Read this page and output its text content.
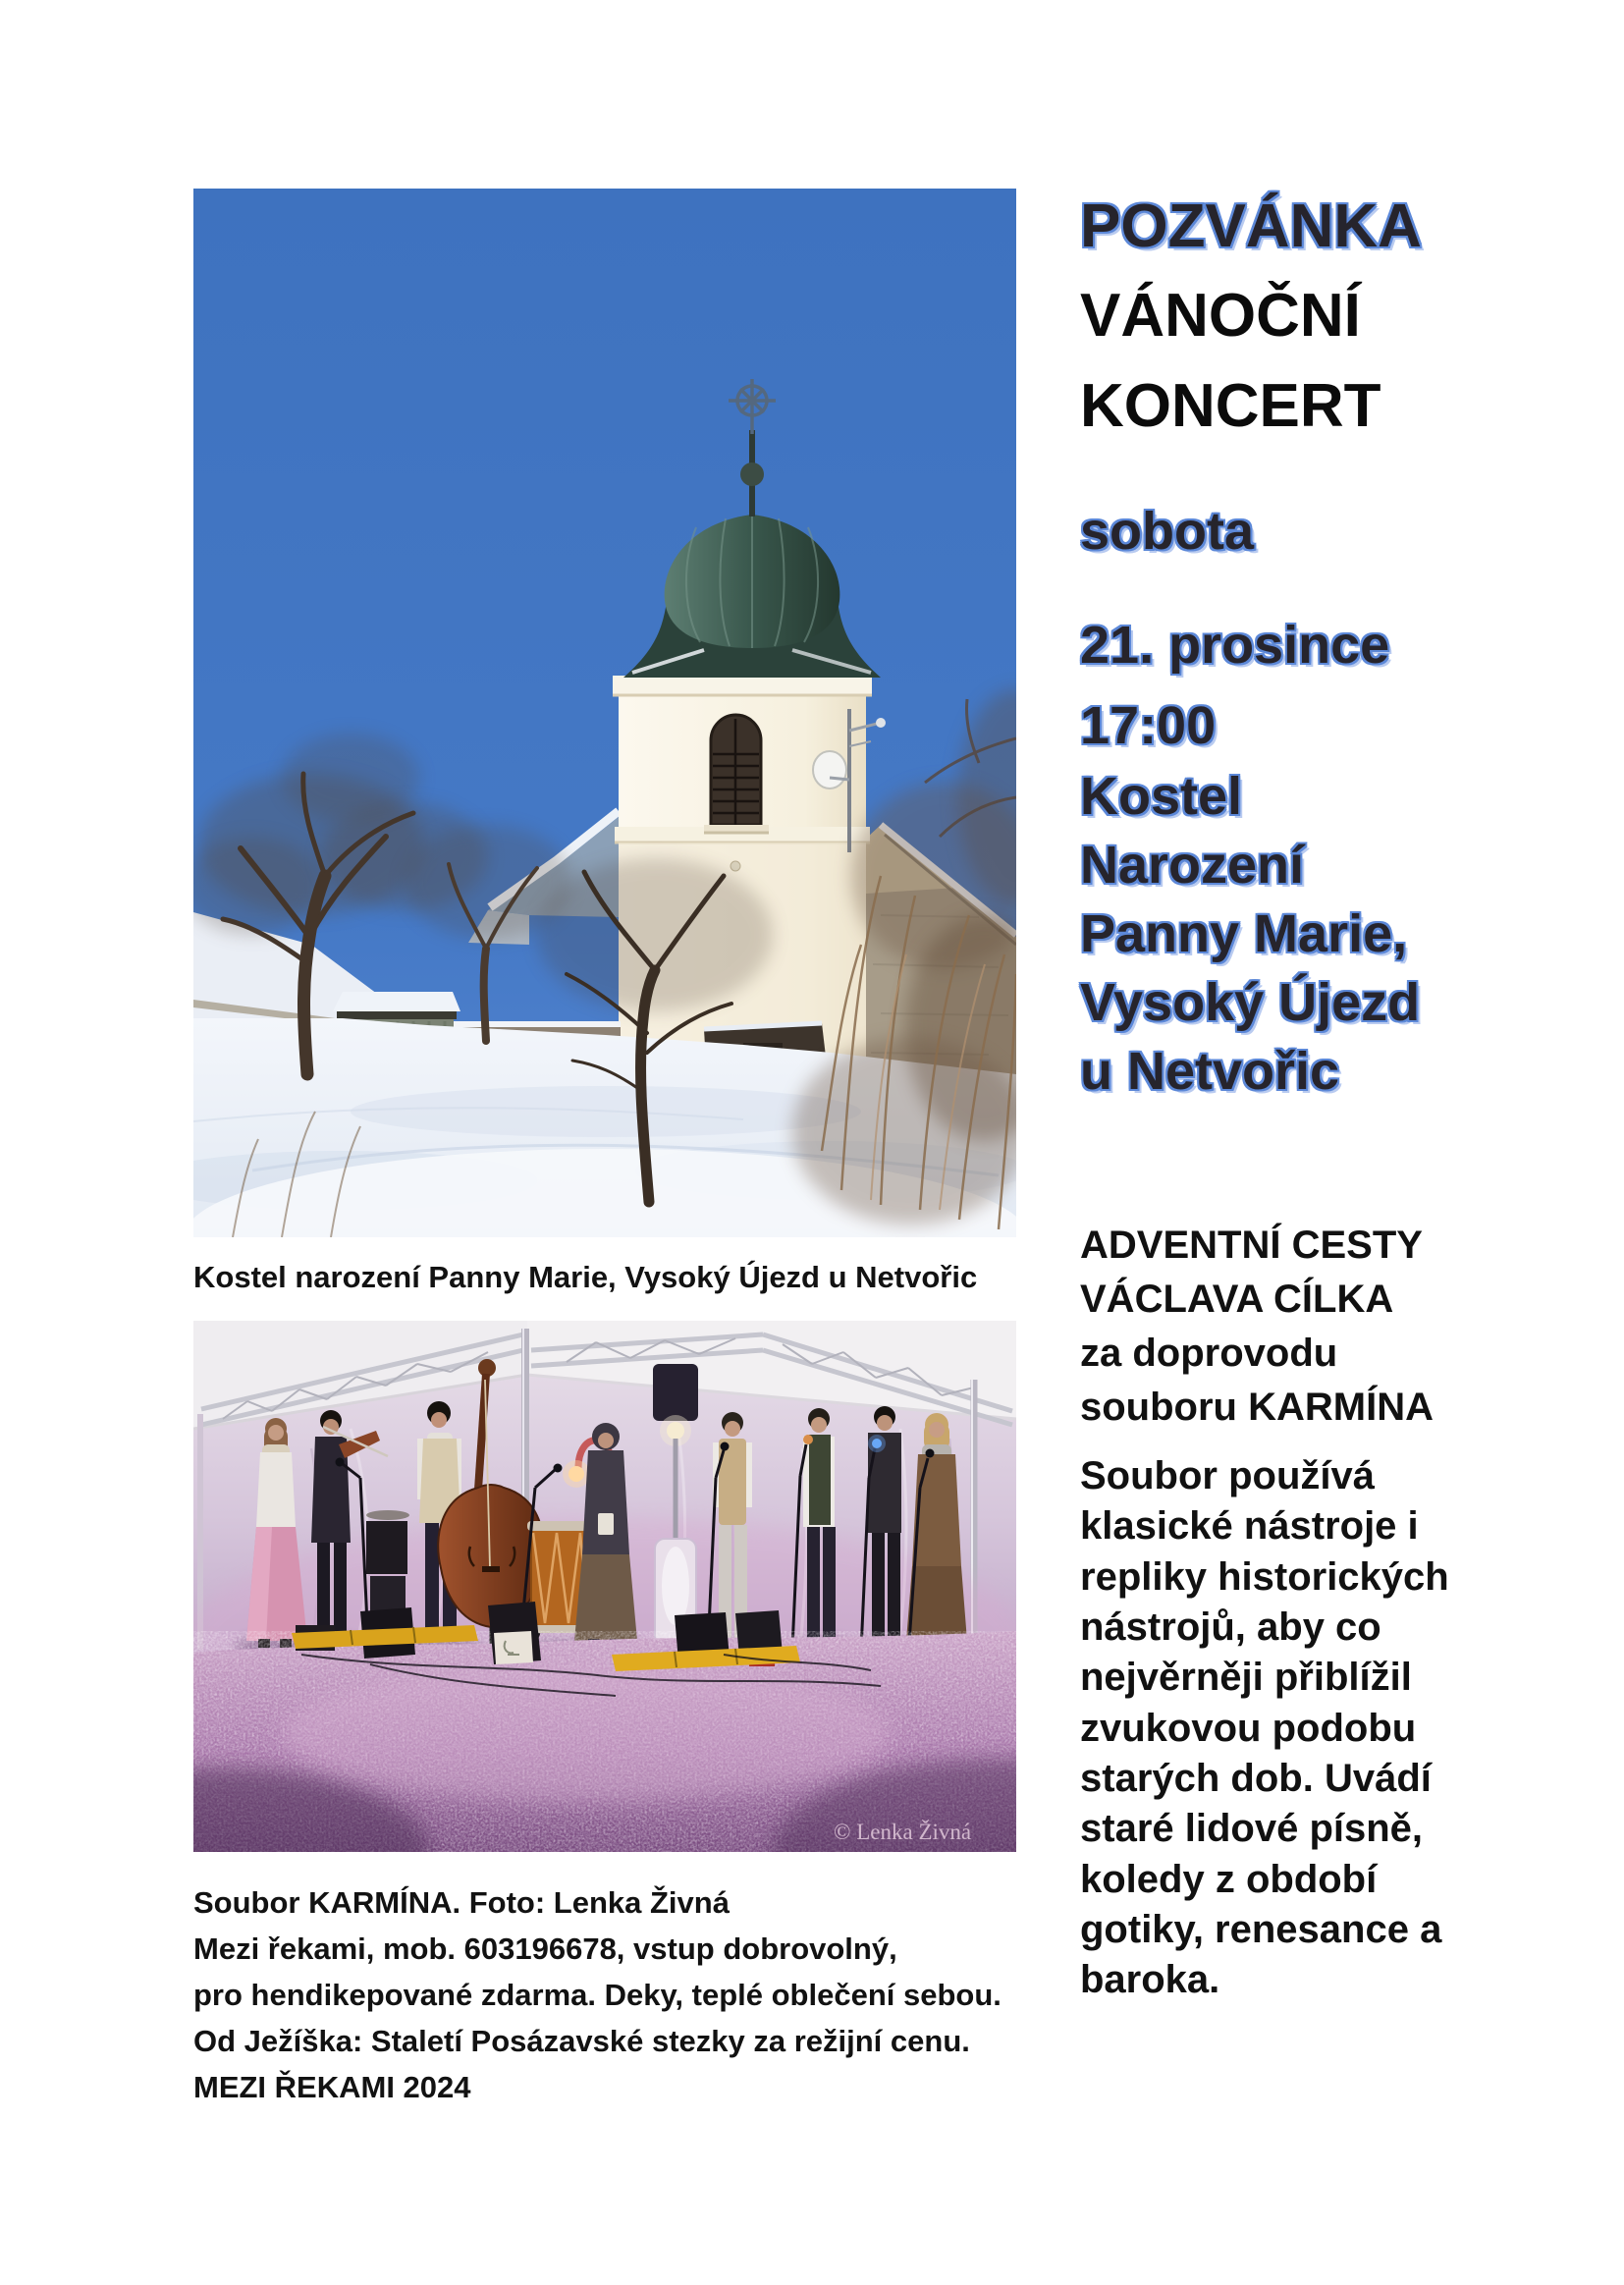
Kostel narození Panny Marie, Vysoký Újezd u Netvořic
© Lenka Živná
Soubor KARMÍNA. Foto: Lenka Živná
Mezi řekami, mob. 603196678, vstup dobrovolný,
pro hendikepované zdarma. Deky, teplé oblečení sebou.
Od Ježíška: Staletí Posázavské stezky za režijní cenu.
MEZI ŘEKAMI 2024
POZVÁNKA
VÁNOČNÍ
KONCERT
sobota
21. prosince
17:00
Kostel
Narození
Panny Marie,
Vysoký Újezd
u Netvořic
ADVENTNÍ CESTY
VÁCLAVA CÍLKA
za doprovodu
souboru KARMÍNA
Soubor používá
klasické nástroje i
repliky historických
nástrojů, aby co
nejvěrněji přiblížil
zvukovou podobu
starých dob. Uvádí
staré lidové písně,
koledy z období
gotiky, renesance a
baroka.
